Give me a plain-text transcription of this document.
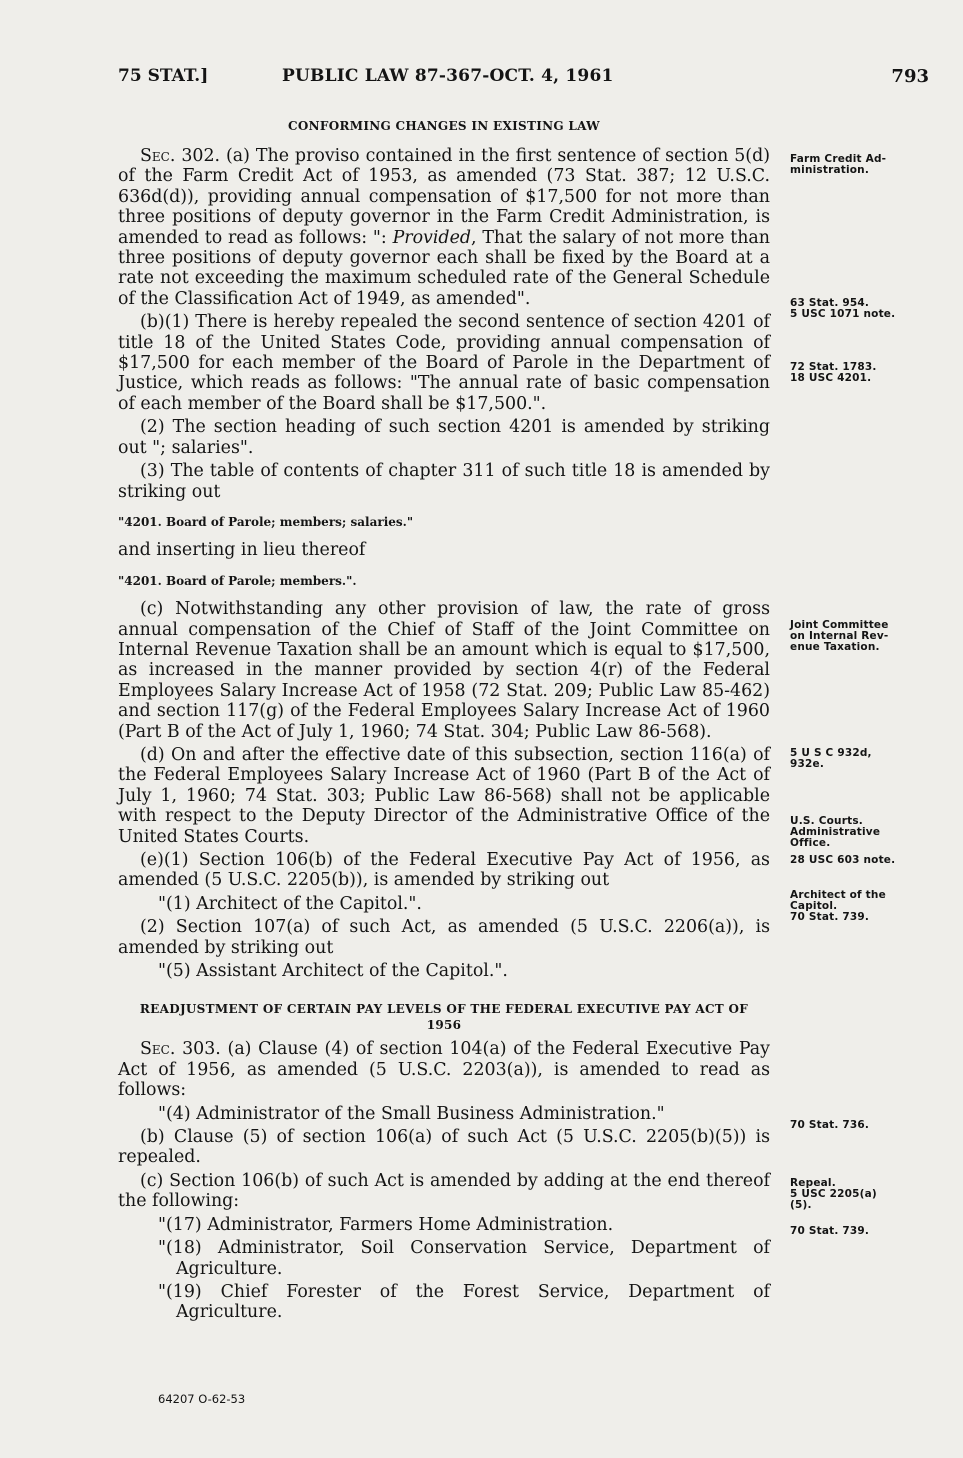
75 STAT.]	PUBLIC LAW 87-367-OCT. 4, 1961	793
CONFORMING CHANGES IN EXISTING LAW

Sec. 302. (a) The proviso contained in the first sentence of section 5(d) of the Farm Credit Act of 1953, as amended (73 Stat. 387; 12 U.S.C. 636d(d)), providing annual compensation of $17,500 for not more than three positions of deputy governor in the Farm Credit Administration, is amended to read as follows: ": Provided, That the salary of not more than three positions of deputy governor each shall be fixed by the Board at a rate not exceeding the maximum scheduled rate of the General Schedule of the Classification Act of 1949, as amended".

(b)(1) There is hereby repealed the second sentence of section 4201 of title 18 of the United States Code, providing annual compensation of $17,500 for each member of the Board of Parole in the Department of Justice, which reads as follows: "The annual rate of basic compensation of each member of the Board shall be $17,500.".

(2) The section heading of such section 4201 is amended by striking out "; salaries".

(3) The table of contents of chapter 311 of such title 18 is amended by striking out

"4201. Board of Parole; members; salaries."

and inserting in lieu thereof

"4201. Board of Parole; members.".

(c) Notwithstanding any other provision of law, the rate of gross annual compensation of the Chief of Staff of the Joint Committee on Internal Revenue Taxation shall be an amount which is equal to $17,500, as increased in the manner provided by section 4(r) of the Federal Employees Salary Increase Act of 1958 (72 Stat. 209; Public Law 85-462) and section 117(g) of the Federal Employees Salary Increase Act of 1960 (Part B of the Act of July 1, 1960; 74 Stat. 304; Public Law 86-568).

(d) On and after the effective date of this subsection, section 116(a) of the Federal Employees Salary Increase Act of 1960 (Part B of the Act of July 1, 1960; 74 Stat. 303; Public Law 86-568) shall not be applicable with respect to the Deputy Director of the Administrative Office of the United States Courts.

(e)(1) Section 106(b) of the Federal Executive Pay Act of 1956, as amended (5 U.S.C. 2205(b)), is amended by striking out

"(1) Architect of the Capitol.".

(2) Section 107(a) of such Act, as amended (5 U.S.C. 2206(a)), is amended by striking out

"(5) Assistant Architect of the Capitol.".

READJUSTMENT OF CERTAIN PAY LEVELS OF THE FEDERAL EXECUTIVE PAY ACT OF 1956

Sec. 303. (a) Clause (4) of section 104(a) of the Federal Executive Pay Act of 1956, as amended (5 U.S.C. 2203(a)), is amended to read as follows:

"(4) Administrator of the Small Business Administration."

(b) Clause (5) of section 106(a) of such Act (5 U.S.C. 2205(b)(5)) is repealed.

(c) Section 106(b) of such Act is amended by adding at the end thereof the following:

"(17) Administrator, Farmers Home Administration.

"(18) Administrator, Soil Conservation Service, Department of Agriculture.

"(19) Chief Forester of the Forest Service, Department of Agriculture.

Farm Credit Ad-
ministration.
63 Stat. 954.
5 USC 1071 note.
72 Stat. 1783.
18 USC 4201.
Joint Committee
on Internal Rev-
enue Taxation.
5 U S C 932d,
932e.
U.S. Courts.
Administrative
Office.
28 USC 603 note.
Architect of the
Capitol.
70 Stat. 739.
70 Stat. 736.
Repeal.
5 USC 2205(a)
(5).
70 Stat. 739.
64207 O-62-53
